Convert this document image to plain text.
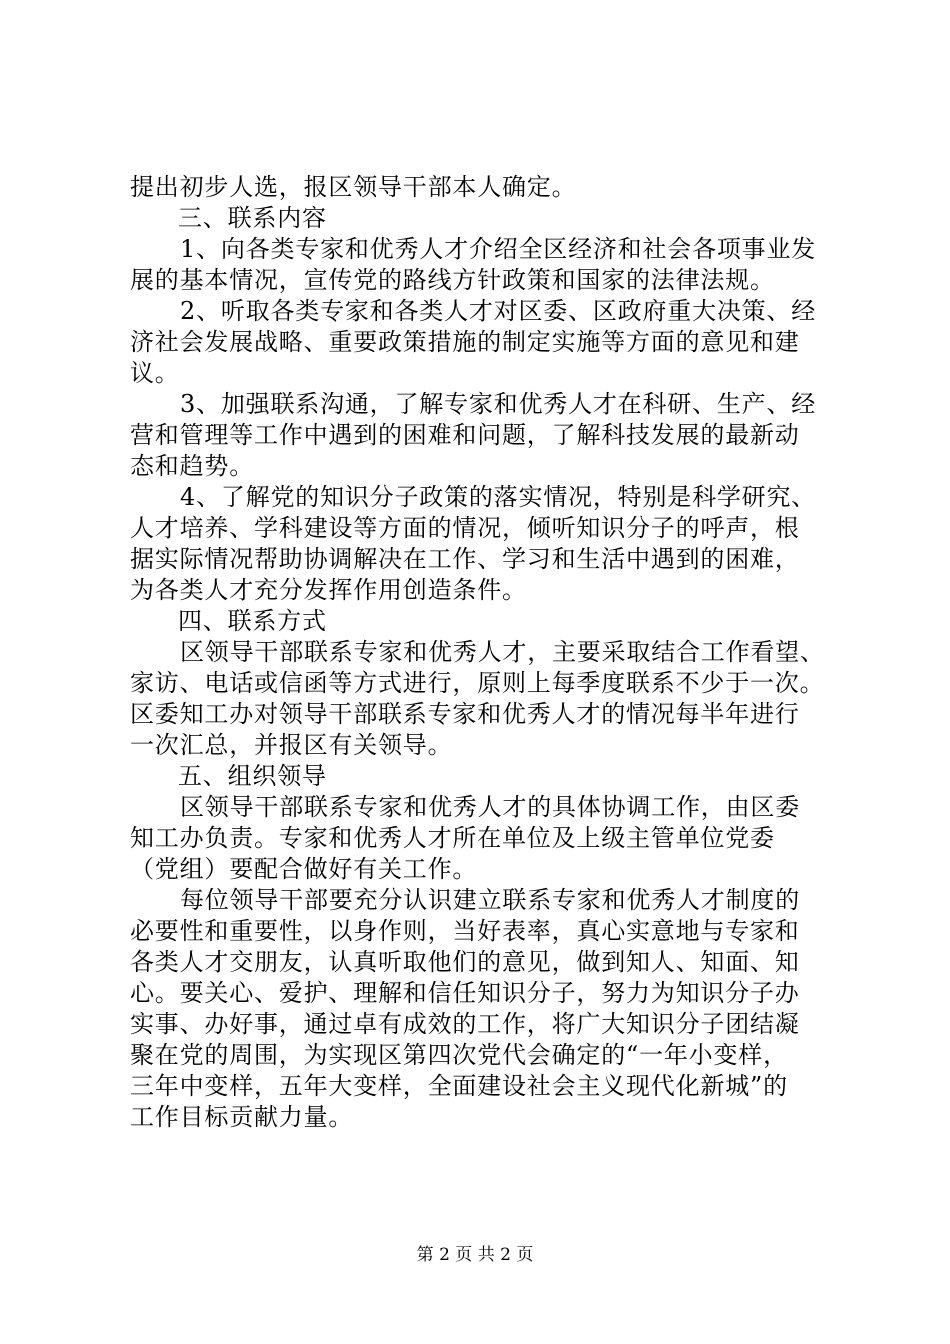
提出初步人选，报区领导干部本人确定。
三、联系内容
1、向各类专家和优秀人才介绍全区经济和社会各项事业发
展的基本情况，宣传党的路线方针政策和国家的法律法规。
2、听取各类专家和各类人才对区委、区政府重大决策、经
济社会发展战略、重要政策措施的制定实施等方面的意见和建
议。
3、加强联系沟通，了解专家和优秀人才在科研、生产、经
营和管理等工作中遇到的困难和问题，了解科技发展的最新动
态和趋势。
4、了解党的知识分子政策的落实情况，特别是科学研究、
人才培养、学科建设等方面的情况，倾听知识分子的呼声，根
据实际情况帮助协调解决在工作、学习和生活中遇到的困难，
为各类人才充分发挥作用创造条件。
四、联系方式
区领导干部联系专家和优秀人才，主要采取结合工作看望、
家访、电话或信函等方式进行，原则上每季度联系不少于一次。
区委知工办对领导干部联系专家和优秀人才的情况每半年进行
一次汇总，并报区有关领导。
五、组织领导
区领导干部联系专家和优秀人才的具体协调工作，由区委
知工办负责。专家和优秀人才所在单位及上级主管单位党委
（党组）要配合做好有关工作。
每位领导干部要充分认识建立联系专家和优秀人才制度的
必要性和重要性，以身作则，当好表率，真心实意地与专家和
各类人才交朋友，认真听取他们的意见，做到知人、知面、知
心。要关心、爱护、理解和信任知识分子，努力为知识分子办
实事、办好事，通过卓有成效的工作，将广大知识分子团结凝
聚在党的周围，为实现区第四次党代会确定的“一年小变样，
三年中变样，五年大变样，全面建设社会主义现代化新城”的
工作目标贡献力量。
第 2 页 共 2 页
